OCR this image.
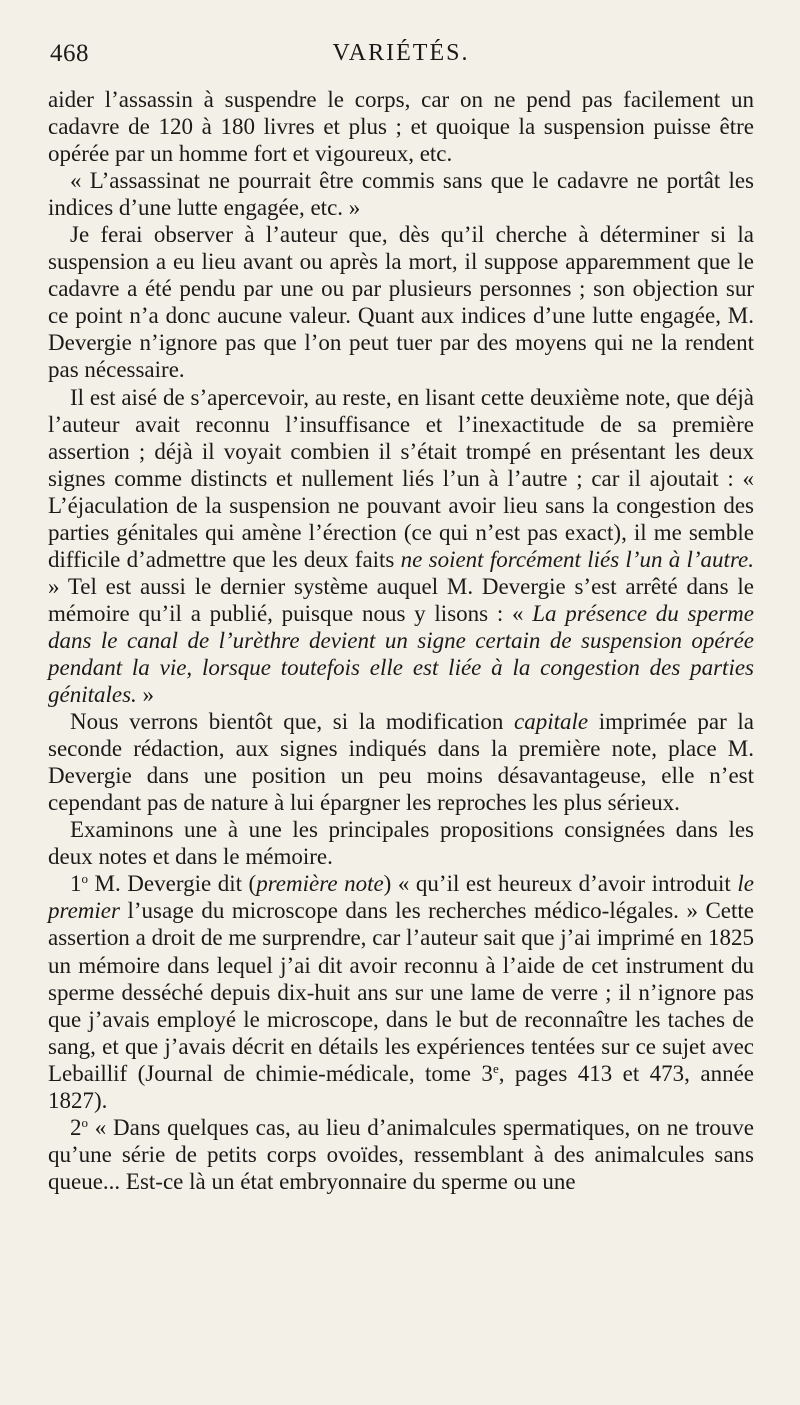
468	VARIÉTÉS.

aider l’assassin à suspendre le corps, car on ne pend pas facilement un cadavre de 120 à 180 livres et plus ; et quoique la suspension puisse être opérée par un homme fort et vigoureux, etc.

« L’assassinat ne pourrait être commis sans que le cadavre ne portât les indices d’une lutte engagée, etc. »

Je ferai observer à l’auteur que, dès qu’il cherche à déterminer si la suspension a eu lieu avant ou après la mort, il suppose apparemment que le cadavre a été pendu par une ou par plusieurs personnes ; son objection sur ce point n’a donc aucune valeur. Quant aux indices d’une lutte engagée, M. Devergie n’ignore pas que l’on peut tuer par des moyens qui ne la rendent pas nécessaire.

Il est aisé de s’apercevoir, au reste, en lisant cette deuxième note, que déjà l’auteur avait reconnu l’insuffisance et l’inexactitude de sa première assertion ; déjà il voyait combien il s’était trompé en présentant les deux signes comme distincts et nullement liés l’un à l’autre ; car il ajoutait : « L’éjaculation de la suspension ne pouvant avoir lieu sans la congestion des parties génitales qui amène l’érection (ce qui n’est pas exact), il me semble difficile d’admettre que les deux faits ne soient forcément liés l’un à l’autre. » Tel est aussi le dernier système auquel M. Devergie s’est arrêté dans le mémoire qu’il a publié, puisque nous y lisons : « La présence du sperme dans le canal de l’urèthre devient un signe certain de suspension opérée pendant la vie, lorsque toutefois elle est liée à la congestion des parties génitales. »

Nous verrons bientôt que, si la modification capitale imprimée par la seconde rédaction, aux signes indiqués dans la première note, place M. Devergie dans une position un peu moins désavantageuse, elle n’est cependant pas de nature à lui épargner les reproches les plus sérieux.

Examinons une à une les principales propositions consignées dans les deux notes et dans le mémoire.

1$^o$ M. Devergie dit (première note) « qu’il est heureux d’avoir introduit le premier l’usage du microscope dans les recherches médico-légales. » Cette assertion a droit de me surprendre, car l’auteur sait que j’ai imprimé en 1825 un mémoire dans lequel j’ai dit avoir reconnu à l’aide de cet instrument du sperme desséché depuis dix-huit ans sur une lame de verre ; il n’ignore pas que j’avais employé le microscope, dans le but de reconnaître les taches de sang, et que j’avais décrit en détails les expériences tentées sur ce sujet avec Lebaillif (Journal de chimie-médicale, tome 3e, pages 413 et 473, année 1827).

2$^o$ « Dans quelques cas, au lieu d’animalcules spermatiques, on ne trouve qu’une série de petits corps ovoïdes, ressemblant à des animalcules sans queue... Est-ce là un état embryonnaire du sperme ou une
